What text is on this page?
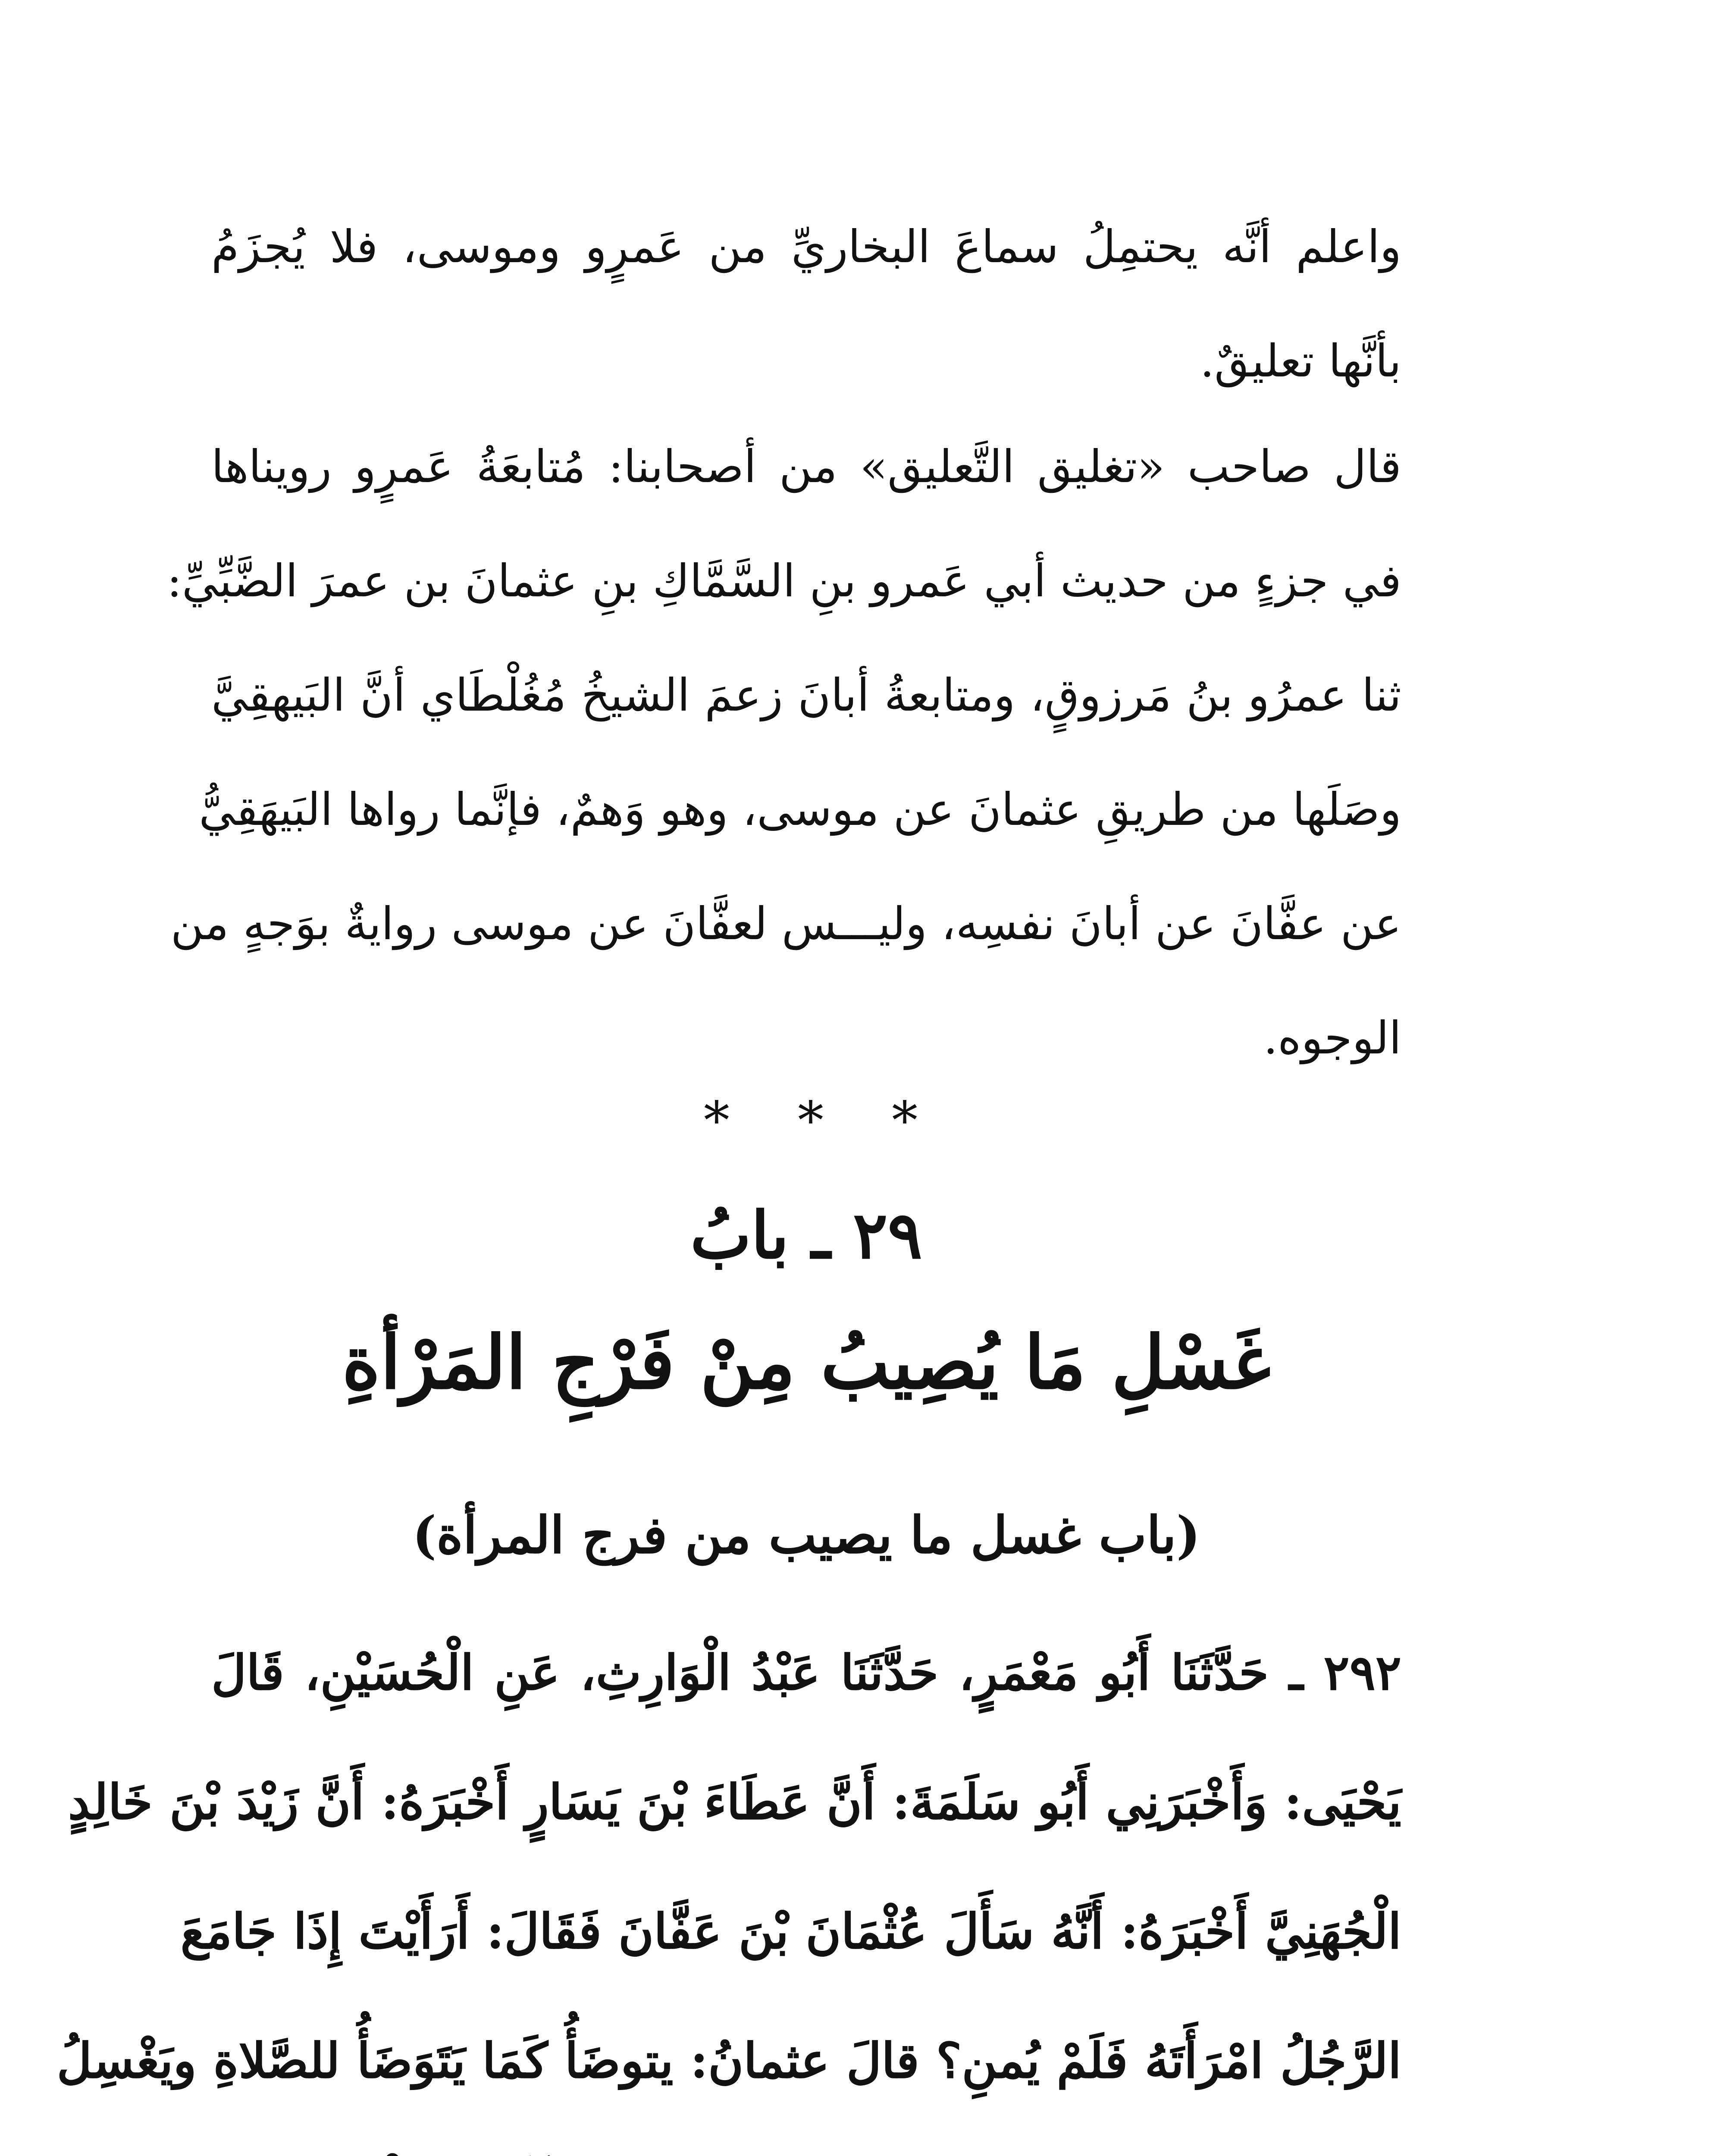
واعلم أنَّه يحتمِلُ سماعَ البخاريِّ من عَمرٍو وموسى، فلا يُجزَمُ
بأنَّها تعليقٌ.
قال صاحب «تغليق التَّعليق» من أصحابنا: مُتابعَةُ عَمرٍو رويناها
في جزءٍ من حديث أبي عَمرو بنِ السَّمَّاكِ بنِ عثمانَ بن عمرَ الضَّبِّيِّ:
ثنا عمرُو بنُ مَرزوقٍ، ومتابعةُ أبانَ زعمَ الشيخُ مُغُلْطَاي أنَّ البَيهقِيَّ
وصَلَها من طريقِ عثمانَ عن موسى، وهو وَهمٌ، فإنَّما رواها البَيهَقِيُّ
عن عفَّانَ عن أبانَ نفسِه، وليـــس لعفَّانَ عن موسى روايةٌ بوَجهٍ من
الوجوه.
* * *
٢٩ ـ بابُ
غَسْلِ مَا يُصِيبُ مِنْ فَرْجِ المَرْأةِ
(باب غسل ما يصيب من فرج المرأة)
٢٩٢ ـ حَدَّثَنَا أَبُو مَعْمَرٍ، حَدَّثَنَا عَبْدُ الْوَارِثِ، عَنِ الْحُسَيْنِ، قَالَ
يَحْيَى: وَأَخْبَرَنِي أَبُو سَلَمَةَ: أَنَّ عَطَاءَ بْنَ يَسَارٍ أَخْبَرَهُ: أَنَّ زَيْدَ بْنَ خَالِدٍ
الْجُهَنِيَّ أَخْبَرَهُ: أَنَّهُ سَأَلَ عُثْمَانَ بْنَ عَفَّانَ فَقَالَ: أَرَأَيْتَ إِذَا جَامَعَ
الرَّجُلُ امْرَأَتَهُ فَلَمْ يُمنِ؟ قالَ عثمانُ: يتوضَأُ كَمَا يَتَوَضَأُ للصَّلاةِ ويَغْسِلُ
